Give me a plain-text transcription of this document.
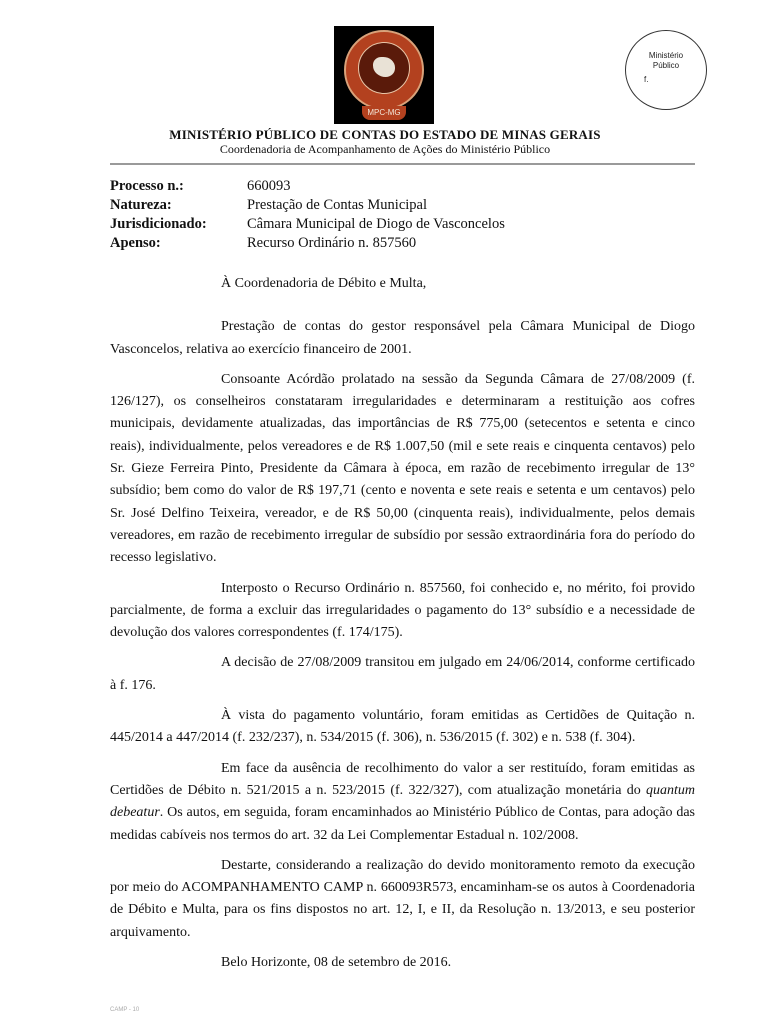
MPC-MG
Ministério
Público
f.
MINISTÉRIO PÚBLICO DE CONTAS DO ESTADO DE MINAS GERAIS
Coordenadoria de Acompanhamento de Ações do Ministério Público
Processo n.:	660093
Natureza:	Prestação de Contas Municipal
Jurisdicionado:	Câmara Municipal de Diogo de Vasconcelos
Apenso:	Recurso Ordinário n. 857560

À Coordenadoria de Débito e Multa,

Prestação de contas do gestor responsável pela Câmara Municipal de Diogo Vasconcelos, relativa ao exercício financeiro de 2001.

Consoante Acórdão prolatado na sessão da Segunda Câmara de 27/08/2009 (f. 126/127), os conselheiros constataram irregularidades e determinaram a restituição aos cofres municipais, devidamente atualizadas, das importâncias de R$ 775,00 (setecentos e setenta e cinco reais), individualmente, pelos vereadores e de R$ 1.007,50 (mil e sete reais e cinquenta centavos) pelo Sr. Gieze Ferreira Pinto, Presidente da Câmara à época, em razão de recebimento irregular de 13° subsídio; bem como do valor de R$ 197,71 (cento e noventa e sete reais e setenta e um centavos) pelo Sr. José Delfino Teixeira, vereador, e de R$ 50,00 (cinquenta reais), individualmente, pelos demais vereadores, em razão de recebimento irregular de subsídio por sessão extraordinária fora do período do recesso legislativo.

Interposto o Recurso Ordinário n. 857560, foi conhecido e, no mérito, foi provido parcialmente, de forma a excluir das irregularidades o pagamento do 13° subsídio e a necessidade de devolução dos valores correspondentes (f. 174/175).

A decisão de 27/08/2009 transitou em julgado em 24/06/2014, conforme certificado à f. 176.

À vista do pagamento voluntário, foram emitidas as Certidões de Quitação n. 445/2014 a 447/2014 (f. 232/237), n. 534/2015 (f. 306), n. 536/2015 (f. 302) e n. 538 (f. 304).

Em face da ausência de recolhimento do valor a ser restituído, foram emitidas as Certidões de Débito n. 521/2015 a n. 523/2015 (f. 322/327), com atualização monetária do quantum debeatur. Os autos, em seguida, foram encaminhados ao Ministério Público de Contas, para adoção das medidas cabíveis nos termos do art. 32 da Lei Complementar Estadual n. 102/2008.

Destarte, considerando a realização do devido monitoramento remoto da execução por meio do ACOMPANHAMENTO CAMP n. 660093R573, encaminham-se os autos à Coordenadoria de Débito e Multa, para os fins dispostos no art. 12, I, e II, da Resolução n. 13/2013, e seu posterior arquivamento.

Belo Horizonte, 08 de setembro de 2016.

CAMP - 10
